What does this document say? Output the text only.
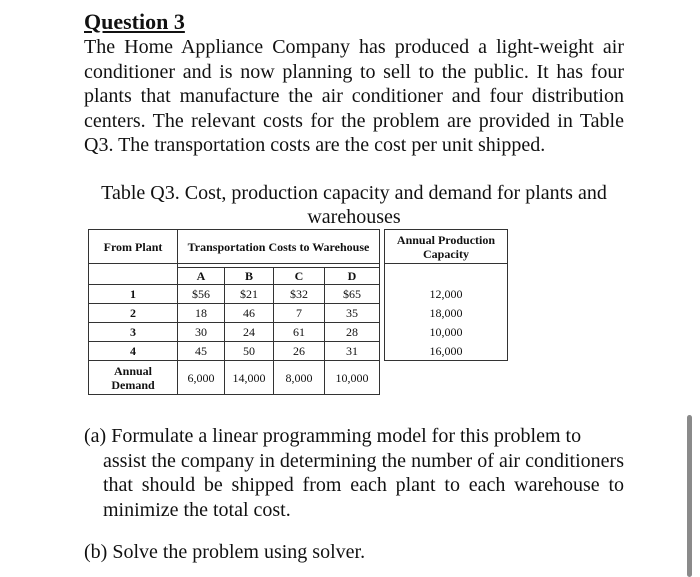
Question 3
The Home Appliance Company has produced a light-weight air conditioner and is now planning to sell to the public. It has four plants that manufacture the air conditioner and four distribution centers. The relevant costs for the problem are provided in Table Q3. The transportation costs are the cost per unit shipped.
Table Q3. Cost, production capacity and demand for plants and
warehouses
From Plant	Transportation Costs to Warehouse					Annual Production
Capacity

	A	B	C	D		
1	$56	$21	$32	$65		12,000
2	18	46	7	35		18,000
3	30	24	61	28		10,000
4	45	50	26	31		16,000
Annual
Demand	6,000	14,000	8,000	10,000		
(a) Formulate a linear programming model for this problem to
assist the company in determining the number of air conditioners that should be shipped from each plant to each warehouse to minimize the total cost.
(b) Solve the problem using solver.
